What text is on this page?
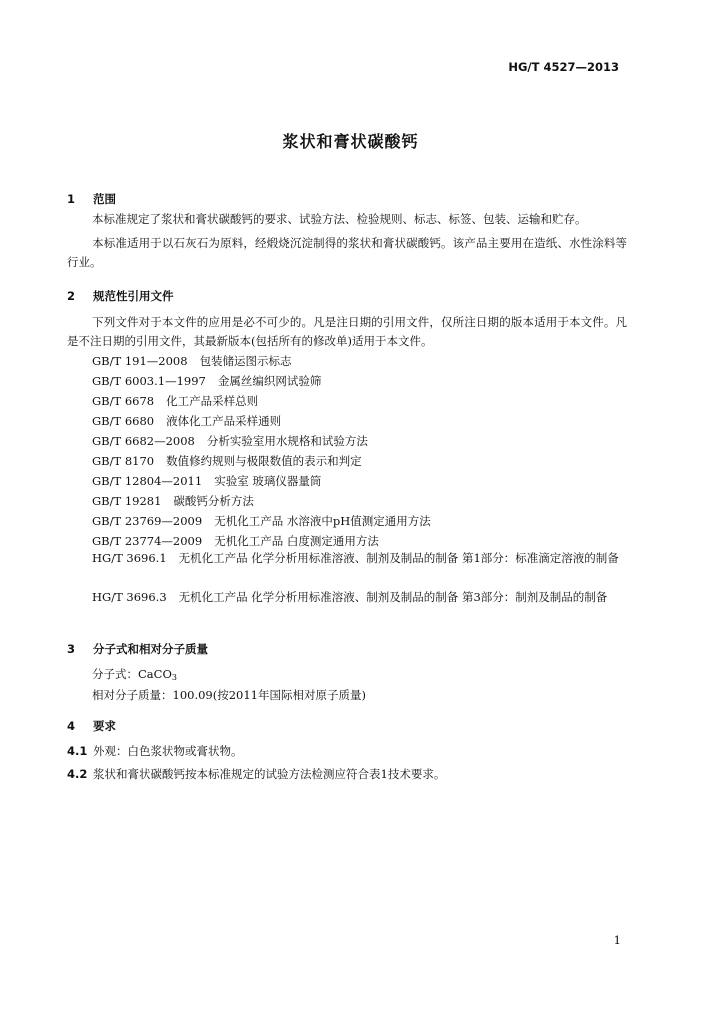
HG/T 4527—2013
浆状和膏状碳酸钙
1 范围
本标准规定了浆状和膏状碳酸钙的要求、试验方法、检验规则、标志、标签、包装、运输和贮存。
本标准适用于以石灰石为原料，经煅烧沉淀制得的浆状和膏状碳酸钙。该产品主要用在造纸、水性涂料等行业。
2 规范性引用文件
下列文件对于本文件的应用是必不可少的。凡是注日期的引用文件，仅所注日期的版本适用于本文件。凡是不注日期的引用文件，其最新版本(包括所有的修改单)适用于本文件。
GB/T 191—2008 包装储运图示标志
GB/T 6003.1—1997 金属丝编织网试验筛
GB/T 6678 化工产品采样总则
GB/T 6680 液体化工产品采样通则
GB/T 6682—2008 分析实验室用水规格和试验方法
GB/T 8170 数值修约规则与极限数值的表示和判定
GB/T 12804—2011 实验室 玻璃仪器量筒
GB/T 19281 碳酸钙分析方法
GB/T 23769—2009 无机化工产品 水溶液中pH值测定通用方法
GB/T 23774—2009 无机化工产品 白度测定通用方法
HG/T 3696.1 无机化工产品 化学分析用标准溶液、制剂及制品的制备 第1部分：标准滴定溶液的制备
HG/T 3696.3 无机化工产品 化学分析用标准溶液、制剂及制品的制备 第3部分：制剂及制品的制备
3 分子式和相对分子质量
分子式：CaCO$_3$
相对分子质量：100.09(按2011年国际相对原子质量)
4 要求
4.1 外观：白色浆状物或膏状物。
4.2 浆状和膏状碳酸钙按本标准规定的试验方法检测应符合表1技术要求。
1
